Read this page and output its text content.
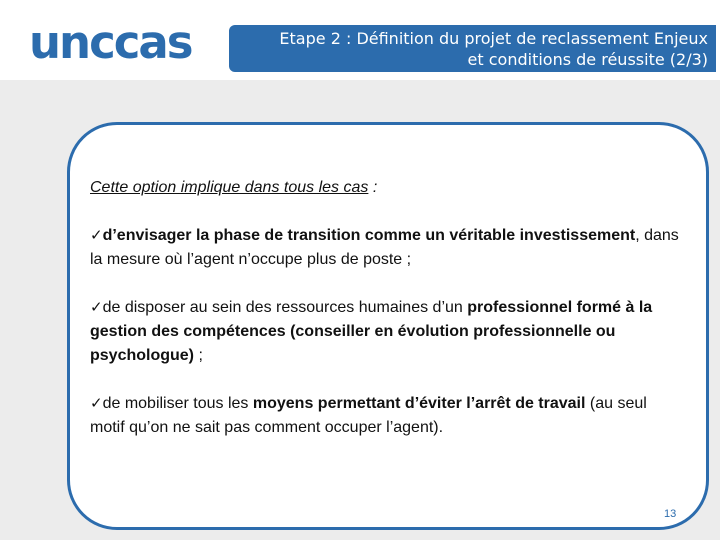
unccas	Etape 2 : Définition du projet de reclassement Enjeux
et conditions de réussite (2/3)

Cette option implique dans tous les cas :

✓d’envisager la phase de transition comme un véritable investissement, dans la mesure où l’agent n’occupe plus de poste ;

✓de disposer au sein des ressources humaines d’un professionnel formé à la gestion des compétences (conseiller en évolution professionnelle ou psychologue) ;

✓de mobiliser tous les moyens permettant d’éviter l’arrêt de travail (au seul motif qu’on ne sait pas comment occuper l’agent).

13
